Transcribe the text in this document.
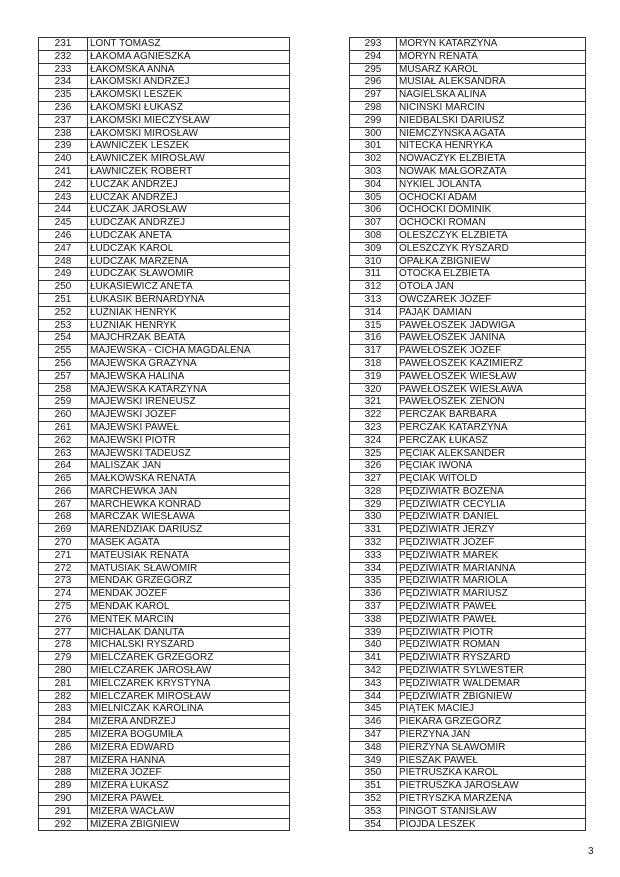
231	LONT TOMASZ
232	ŁAKOMA AGNIESZKA
233	ŁAKOMSKA ANNA
234	ŁAKOMSKI ANDRZEJ
235	ŁAKOMSKI LESZEK
236	ŁAKOMSKI ŁUKASZ
237	ŁAKOMSKI MIECZYSŁAW
238	ŁAKOMSKI MIROSŁAW
239	ŁAWNICZEK LESZEK
240	ŁAWNICZEK MIROSŁAW
241	ŁAWNICZEK ROBERT
242	ŁUCZAK ANDRZEJ
243	ŁUCZAK ANDRZEJ
244	ŁUCZAK JAROSŁAW
245	ŁUDCZAK ANDRZEJ
246	ŁUDCZAK ANETA
247	ŁUDCZAK KAROL
248	ŁUDCZAK MARZENA
249	ŁUDCZAK SŁAWOMIR
250	ŁUKASIEWICZ ANETA
251	ŁUKASIK BERNARDYNA
252	ŁUŹNIAK HENRYK
253	ŁUŹNIAK HENRYK
254	MAJCHRZAK BEATA
255	MAJEWSKA - CICHA MAGDALENA
256	MAJEWSKA GRAŻYNA
257	MAJEWSKA HALINA
258	MAJEWSKA KATARZYNA
259	MAJEWSKI IRENEUSZ
260	MAJEWSKI JÓZEF
261	MAJEWSKI PAWEŁ
262	MAJEWSKI PIOTR
263	MAJEWSKI TADEUSZ
264	MALISZAK JAN
265	MAŁKOWSKA RENATA
266	MARCHEWKA JAN
267	MARCHEWKA KONRAD
268	MARCZAK WIESŁAWA
269	MARENDZIAK DARIUSZ
270	MASEK AGATA
271	MATEUSIAK RENATA
272	MATUSIAK SŁAWOMIR
273	MENDAK GRZEGORZ
274	MENDAK JÓZEF
275	MENDAK KAROL
276	MENTEK MARCIN
277	MICHALAK DANUTA
278	MICHALSKI RYSZARD
279	MIELCZAREK GRZEGORZ
280	MIELCZAREK JAROSŁAW
281	MIELCZAREK KRYSTYNA
282	MIELCZAREK MIROSŁAW
283	MIELNICZAK KAROLINA
284	MIZERA ANDRZEJ
285	MIZERA BOGUMIŁA
286	MIZERA EDWARD
287	MIZERA HANNA
288	MIZERA JÓZEF
289	MIZERA ŁUKASZ
290	MIZERA PAWEŁ
291	MIZERA WACŁAW
292	MIZERA ZBIGNIEW
293	MORYŃ KATARZYNA
294	MORYŃ RENATA
295	MUSARZ KAROL
296	MUSIAŁ ALEKSANDRA
297	NAGIELSKA ALINA
298	NICIŃSKI MARCIN
299	NIEDBALSKI DARIUSZ
300	NIEMCZYŃSKA AGATA
301	NITECKA HENRYKA
302	NOWACZYK ELŻBIETA
303	NOWAK MAŁGORZATA
304	NYKIEL JOLANTA
305	OCHOCKI ADAM
306	OCHOCKI DOMINIK
307	OCHOCKI ROMAN
308	OLESZCZYK ELŻBIETA
309	OLESZCZYK RYSZARD
310	OPAŁKA ZBIGNIEW
311	OTOCKA ELŻBIETA
312	OTOLA JAN
313	OWCZAREK JÓZEF
314	PAJĄK DAMIAN
315	PAWEŁOSZEK JADWIGA
316	PAWEŁOSZEK JANINA
317	PAWEŁOSZEK JÓZEF
318	PAWEŁOSZEK KAZIMIERZ
319	PAWEŁOSZEK WIESŁAW
320	PAWEŁOSZEK WIESŁAWA
321	PAWEŁOSZEK ZENON
322	PERCZAK BARBARA
323	PERCZAK KATARZYNA
324	PERCZAK ŁUKASZ
325	PĘCIAK ALEKSANDER
326	PĘCIAK IWONA
327	PĘCIAK WITOLD
328	PĘDZIWIATR BOŻENA
329	PĘDZIWIATR CECYLIA
330	PĘDZIWIATR DANIEL
331	PĘDZIWIATR JERZY
332	PĘDZIWIATR JÓZEF
333	PĘDZIWIATR MAREK
334	PĘDZIWIATR MARIANNA
335	PĘDZIWIATR MARIOLA
336	PĘDZIWIATR MARIUSZ
337	PĘDZIWIATR PAWEŁ
338	PĘDZIWIATR PAWEŁ
339	PĘDZIWIATR PIOTR
340	PĘDZIWIATR ROMAN
341	PĘDZIWIATR RYSZARD
342	PĘDZIWIATR SYLWESTER
343	PĘDZIWIATR WALDEMAR
344	PĘDZIWIATR ZBIGNIEW
345	PIĄTEK MACIEJ
346	PIEKARA GRZEGORZ
347	PIERZYNA JAN
348	PIERZYNA SŁAWOMIR
349	PIESZAK PAWEŁ
350	PIETRUSZKA KAROL
351	PIETRUSZKA JAROSŁAW
352	PIETRYSZKA MARZENA
353	PINGOT STANISŁAW
354	PIOJDA LESZEK
3
